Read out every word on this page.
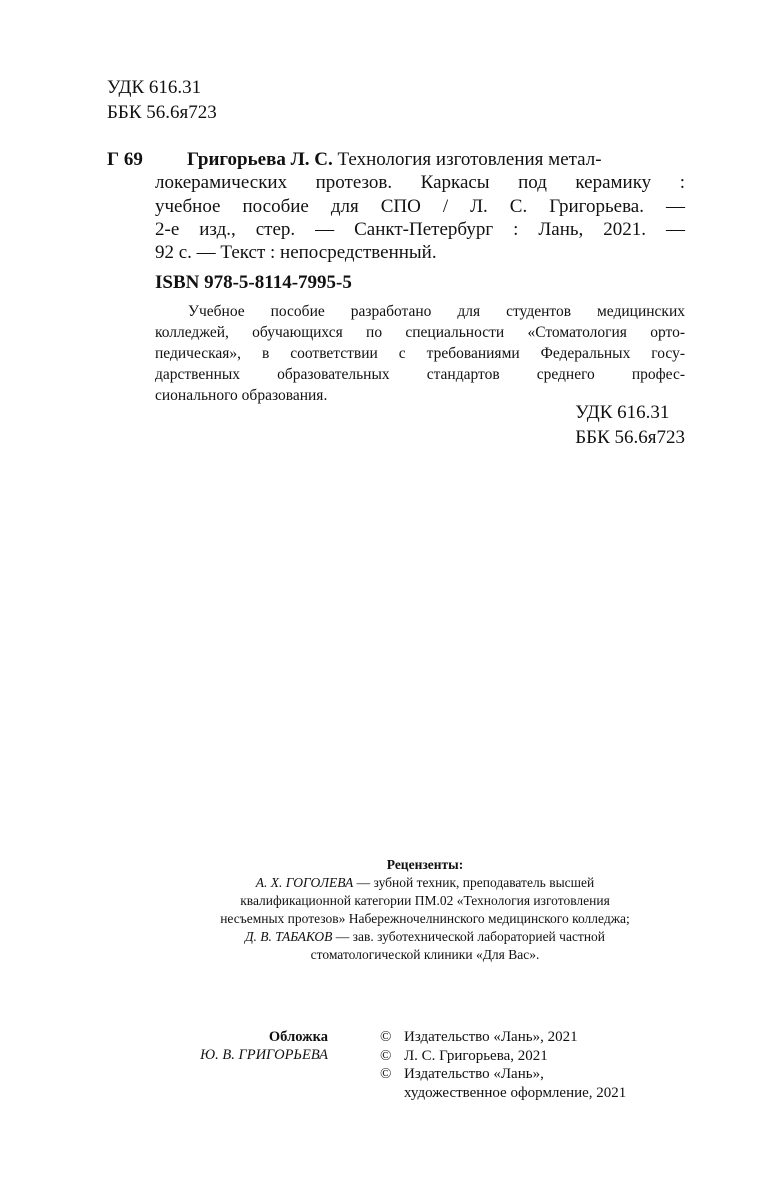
УДК 616.31
ББК 56.6я723
Г 69	Григорьева Л. С. Технология изготовления метал-
локерамических протезов. Каркасы под керамику :
учебное пособие для СПО / Л. С. Григорьева. —
2-е изд., стер. — Санкт-Петербург : Лань, 2021. —
92 с. — Текст : непосредственный.
ISBN 978-5-8114-7995-5
Учебное пособие разработано для студентов медицинских
колледжей, обучающихся по специальности «Стоматология орто-
педическая», в соответствии с требованиями Федеральных госу-
дарственных образовательных стандартов среднего профес-
сионального образования.
УДК 616.31
ББК 56.6я723
Рецензенты:
А. Х. ГОГОЛЕВА — зубной техник, преподаватель высшей
квалификационной категории ПМ.02 «Технология изготовления
несъемных протезов» Набережночелнинского медицинского колледжа;
Д. В. ТАБАКОВ — зав. зуботехнической лабораторией частной
стоматологической клиники «Для Вас».
Обложка
Ю. В. ГРИГОРЬЕВА
© Издательство «Лань», 2021
© Л. С. Григорьева, 2021
© Издательство «Лань»,
художественное оформление, 2021
